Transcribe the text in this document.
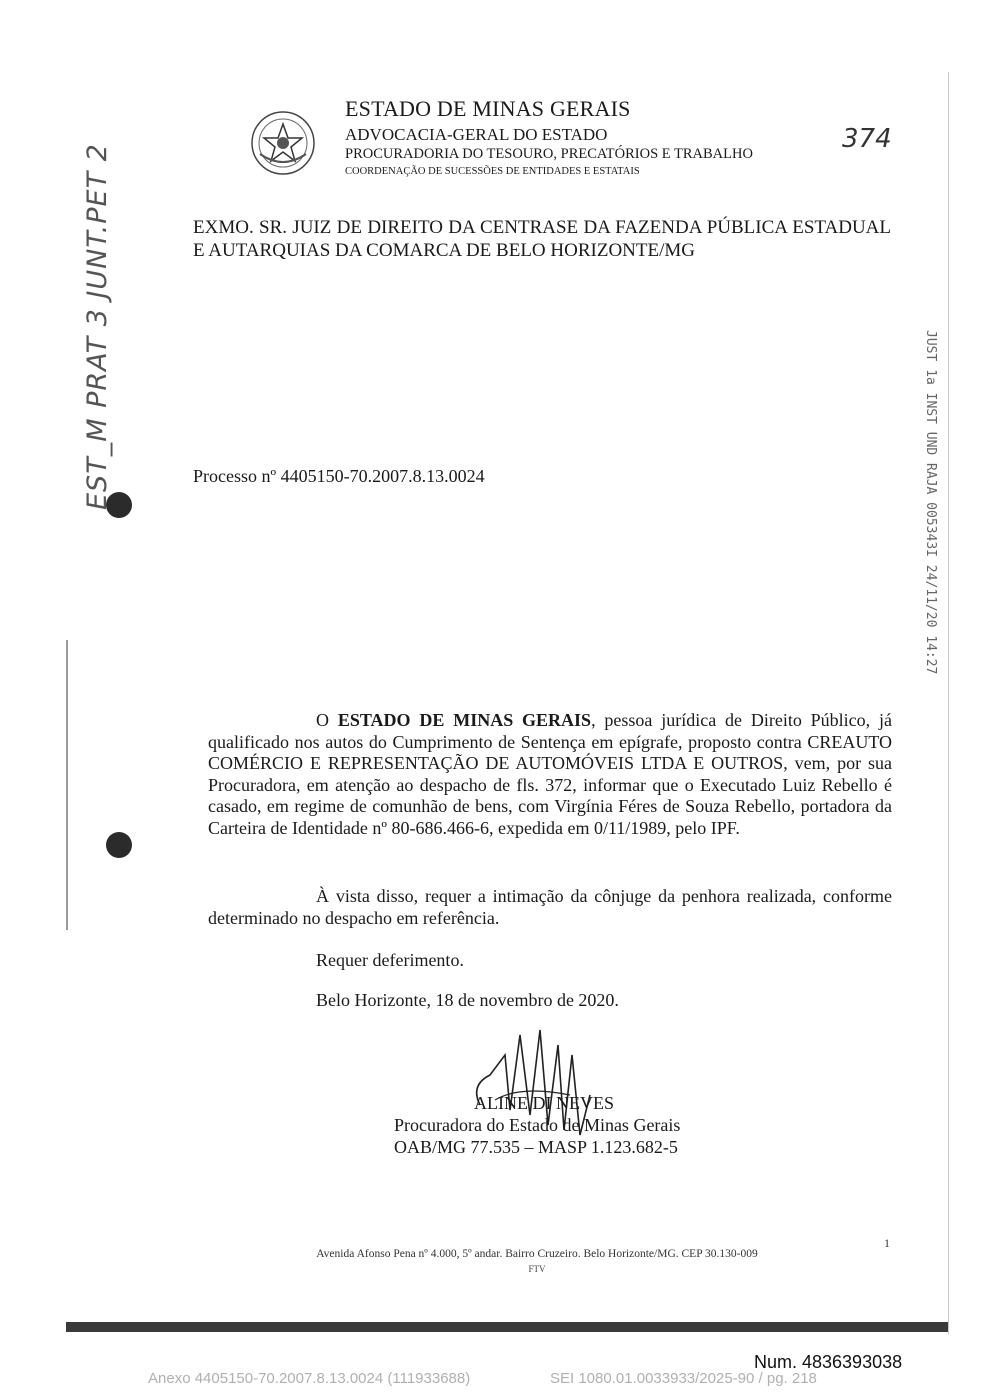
ESTADO DE MINAS GERAIS
ADVOCACIA-GERAL DO ESTADO
PROCURADORIA DO TESOURO, PRECATÓRIOS E TRABALHO
COORDENAÇÃO DE SUCESSÕES DE ENTIDADES E ESTATAIS
374
EST_M PRAT 3 JUNT.PET 2	JUST 1a INST UND RAJA 005343I 24/11/20 14:27
EXMO. SR. JUIZ DE DIREITO DA CENTRASE DA FAZENDA PÚBLICA ESTADUAL E AUTARQUIAS DA COMARCA DE BELO HORIZONTE/MG
Processo nº 4405150-70.2007.8.13.0024
O ESTADO DE MINAS GERAIS, pessoa jurídica de Direito Público, já qualificado nos autos do Cumprimento de Sentença em epígrafe, proposto contra CREAUTO COMÉRCIO E REPRESENTAÇÃO DE AUTOMÓVEIS LTDA E OUTROS, vem, por sua Procuradora, em atenção ao despacho de fls. 372, informar que o Executado Luiz Rebello é casado, em regime de comunhão de bens, com Virgínia Féres de Souza Rebello, portadora da Carteira de Identidade nº 80-686.466-6, expedida em 0/11/1989, pelo IPF.
À vista disso, requer a intimação da cônjuge da penhora realizada, conforme determinado no despacho em referência.
Requer deferimento.
Belo Horizonte, 18 de novembro de 2020.
ALINE DI NEVES
Procuradora do Estado de Minas Gerais
OAB/MG 77.535 – MASP 1.123.682-5
1
Avenida Afonso Pena nº 4.000, 5º andar. Bairro Cruzeiro. Belo Horizonte/MG. CEP 30.130-009
FTV
Num. 4836393038
Anexo 4405150-70.2007.8.13.0024 (111933688)	SEI 1080.01.0033933/2025-90 / pg. 218
